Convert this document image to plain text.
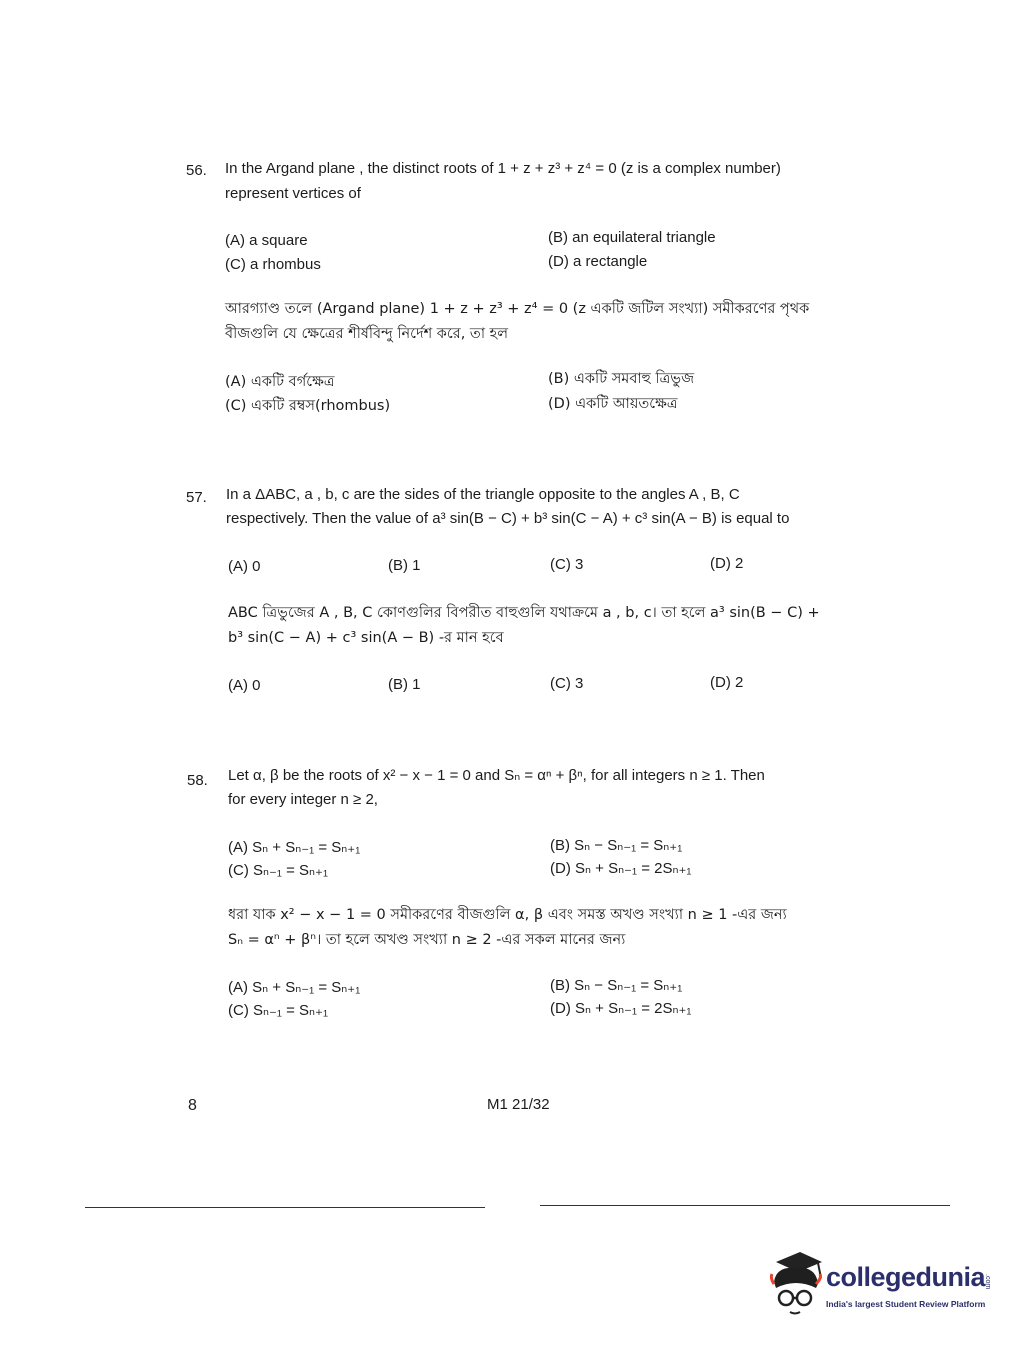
56. In the Argand plane , the distinct roots of 1 + z + z³ + z⁴ = 0 (z is a complex number)
represent vertices of
(A) a square	(B) an equilateral triangle
(C) a rhombus	(D) a rectangle
আরগ্যাণ্ড তলে (Argand plane) 1 + z + z³ + z⁴ = 0 (z একটি জটিল সংখ্যা) সমীকরণের পৃথক
বীজগুলি যে ক্ষেত্রের শীর্ষবিন্দু নির্দেশ করে, তা হল
(A) একটি বর্গক্ষেত্র	(B) একটি সমবাহু ত্রিভুজ
(C) একটি রম্বস(rhombus)	(D) একটি আয়তক্ষেত্র
57. In a ΔABC, a , b, c are the sides of the triangle opposite to the angles A , B, C
respectively. Then the value of a³ sin(B − C) + b³ sin(C − A) + c³ sin(A − B) is equal to
(A) 0	(B) 1	(C) 3	(D) 2
ABC ত্রিভুজের A , B, C কোণগুলির বিপরীত বাহুগুলি যথাক্রমে a , b, c। তা হলে a³ sin(B − C) +
b³ sin(C − A) + c³ sin(A − B) -র মান হবে
(A) 0	(B) 1	(C) 3	(D) 2
58. Let α, β be the roots of x² − x − 1 = 0 and Sₙ = αⁿ + βⁿ, for all integers n ≥ 1. Then
for every integer n ≥ 2,
(A) Sₙ + Sₙ₋₁ = Sₙ₊₁	(B) Sₙ − Sₙ₋₁ = Sₙ₊₁
(C) Sₙ₋₁ = Sₙ₊₁	(D) Sₙ + Sₙ₋₁ = 2Sₙ₊₁
ধরা যাক x² − x − 1 = 0 সমীকরণের বীজগুলি α, β এবং সমস্ত অখণ্ড সংখ্যা n ≥ 1 -এর জন্য
Sₙ = αⁿ + βⁿ। তা হলে অখণ্ড সংখ্যা n ≥ 2 -এর সকল মানের জন্য
(A) Sₙ + Sₙ₋₁ = Sₙ₊₁	(B) Sₙ − Sₙ₋₁ = Sₙ₊₁
(C) Sₙ₋₁ = Sₙ₊₁	(D) Sₙ + Sₙ₋₁ = 2Sₙ₊₁
8	M1 21/32
collegedunia
.com
India's largest Student Review Platform
